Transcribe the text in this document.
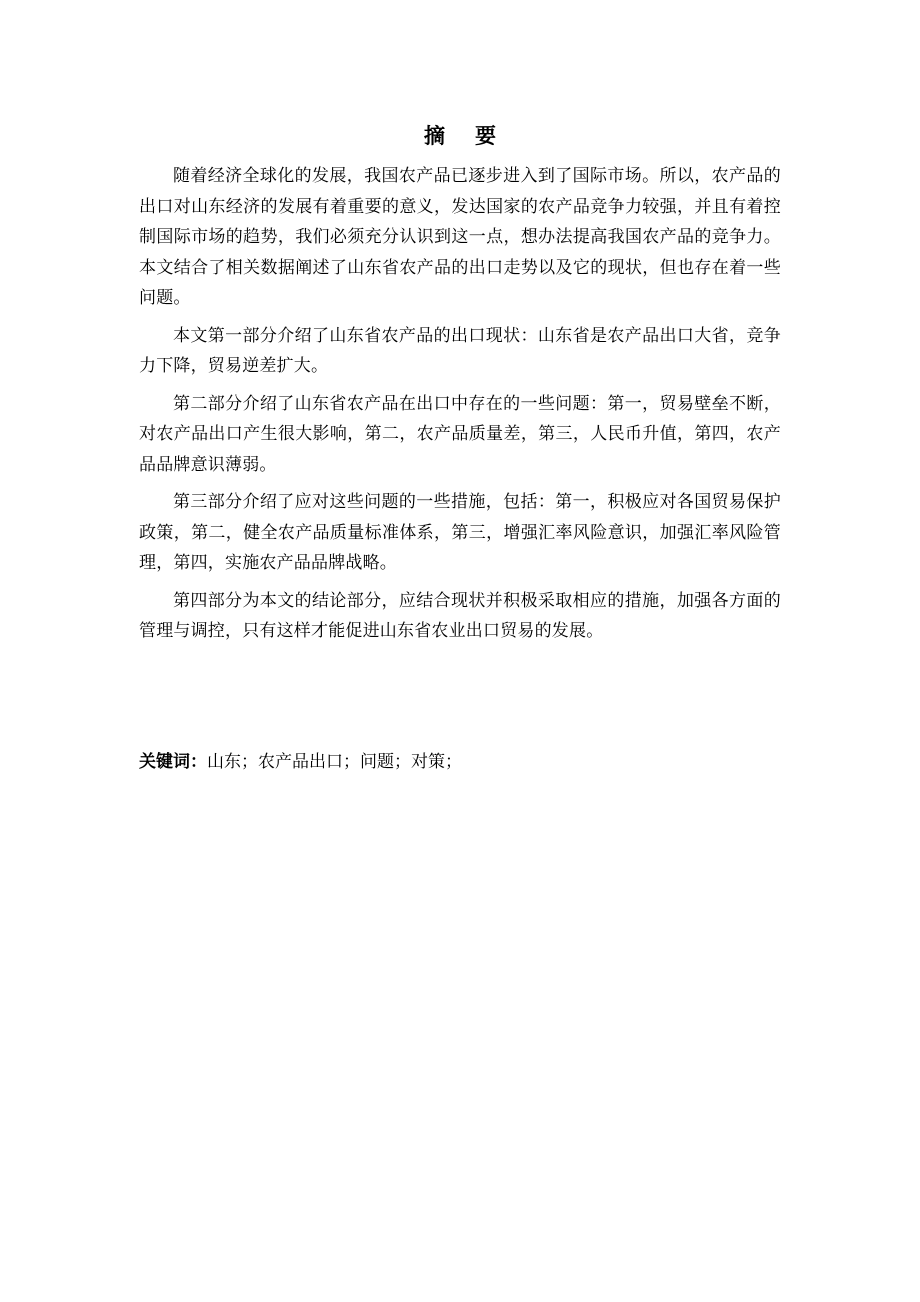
摘 要

随着经济全球化的发展，我国农产品已逐步进入到了国际市场。所以，农产品的出口对山东经济的发展有着重要的意义，发达国家的农产品竞争力较强，并且有着控制国际市场的趋势，我们必须充分认识到这一点，想办法提高我国农产品的竞争力。本文结合了相关数据阐述了山东省农产品的出口走势以及它的现状，但也存在着一些问题。

本文第一部分介绍了山东省农产品的出口现状：山东省是农产品出口大省，竞争力下降，贸易逆差扩大。

第二部分介绍了山东省农产品在出口中存在的一些问题：第一，贸易壁垒不断，对农产品出口产生很大影响，第二，农产品质量差，第三，人民币升值，第四，农产品品牌意识薄弱。

第三部分介绍了应对这些问题的一些措施，包括：第一，积极应对各国贸易保护政策，第二，健全农产品质量标准体系，第三，增强汇率风险意识，加强汇率风险管理，第四，实施农产品品牌战略。

第四部分为本文的结论部分，应结合现状并积极采取相应的措施，加强各方面的管理与调控，只有这样才能促进山东省农业出口贸易的发展。

关键词：山东；农产品出口；问题；对策；
